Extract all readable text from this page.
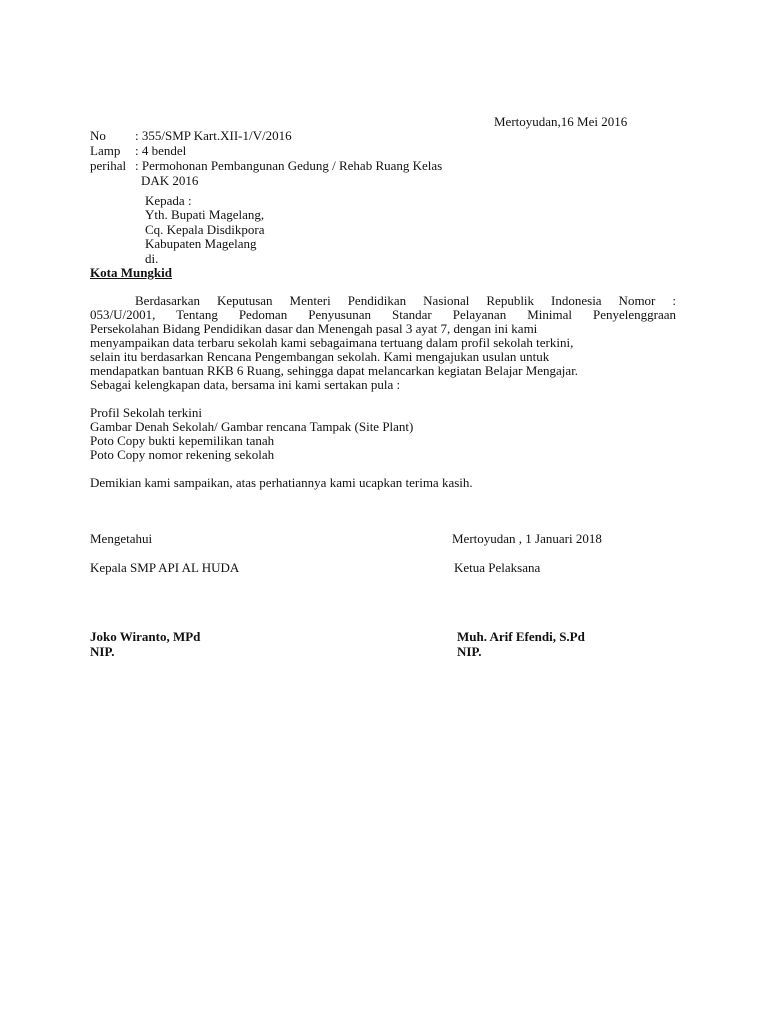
Mertoyudan,16 Mei 2016
No : 355/SMP Kart.XII-1/V/2016
Lamp : 4 bendel
perihal : Permohonan Pembangunan Gedung / Rehab Ruang Kelas
DAK 2016
Kepada :
Yth. Bupati Magelang,
Cq. Kepala Disdikpora
Kabupaten Magelang
di.
Kota Mungkid
Berdasarkan Keputusan Menteri Pendidikan Nasional Republik Indonesia Nomor :
053/U/2001, Tentang Pedoman Penyusunan Standar Pelayanan Minimal Penyelenggraan
Persekolahan Bidang Pendidikan dasar dan Menengah pasal 3 ayat 7, dengan ini kami
menyampaikan data terbaru sekolah kami sebagaimana tertuang dalam profil sekolah terkini,
selain itu berdasarkan Rencana Pengembangan sekolah. Kami mengajukan usulan untuk
mendapatkan bantuan RKB 6 Ruang, sehingga dapat melancarkan kegiatan Belajar Mengajar.
Sebagai kelengkapan data, bersama ini kami sertakan pula :
Profil Sekolah terkini
Gambar Denah Sekolah/ Gambar rencana Tampak (Site Plant)
Poto Copy bukti kepemilikan tanah
Poto Copy nomor rekening sekolah
Demikian kami sampaikan, atas perhatiannya kami ucapkan terima kasih.
Mengetahui
Kepala SMP API AL HUDA
Joko Wiranto, MPd
NIP.
Mertoyudan , 1 Januari 2018
Ketua Pelaksana
Muh. Arif Efendi, S.Pd
NIP.
